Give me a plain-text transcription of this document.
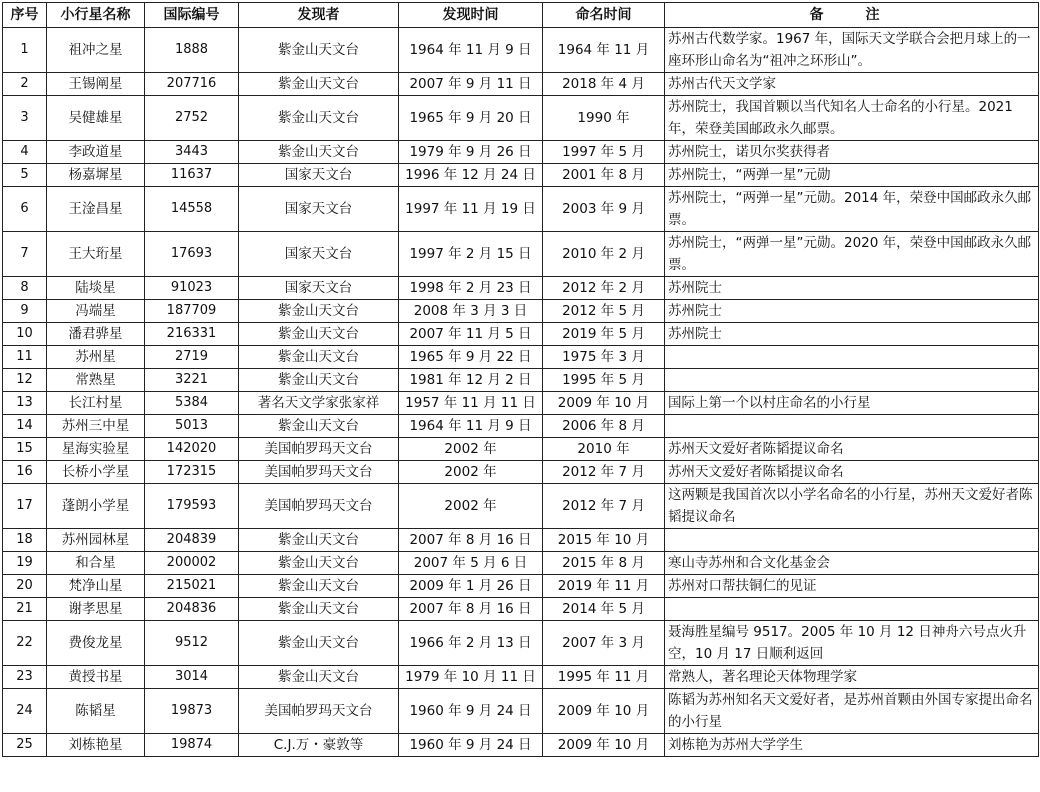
序号	小行星名称	国际编号	发现者	发现时间	命名时间	备　注
1	祖冲之星	1888	紫金山天文台	1964 年 11 月 9 日	1964 年 11 月	苏州古代数学家。1967 年，国际天文学联合会把月球上的一座环形山命名为“祖冲之环形山”。
2	王锡阐星	207716	紫金山天文台	2007 年 9 月 11 日	2018 年 4 月	苏州古代天文学家
3	吴健雄星	2752	紫金山天文台	1965 年 9 月 20 日	1990 年	苏州院士，我国首颗以当代知名人士命名的小行星。2021 年，荣登美国邮政永久邮票。
4	李政道星	3443	紫金山天文台	1979 年 9 月 26 日	1997 年 5 月	苏州院士，诺贝尔奖获得者
5	杨嘉墀星	11637	国家天文台	1996 年 12 月 24 日	2001 年 8 月	苏州院士，“两弹一星”元勋
6	王淦昌星	14558	国家天文台	1997 年 11 月 19 日	2003 年 9 月	苏州院士，“两弹一星”元勋。2014 年，荣登中国邮政永久邮票。
7	王大珩星	17693	国家天文台	1997 年 2 月 15 日	2010 年 2 月	苏州院士，“两弹一星”元勋。2020 年，荣登中国邮政永久邮票。
8	陆埮星	91023	国家天文台	1998 年 2 月 23 日	2012 年 2 月	苏州院士
9	冯端星	187709	紫金山天文台	2008 年 3 月 3 日	2012 年 5 月	苏州院士
10	潘君骅星	216331	紫金山天文台	2007 年 11 月 5 日	2019 年 5 月	苏州院士
11	苏州星	2719	紫金山天文台	1965 年 9 月 22 日	1975 年 3 月	
12	常熟星	3221	紫金山天文台	1981 年 12 月 2 日	1995 年 5 月	
13	长江村星	5384	著名天文学家张家祥	1957 年 11 月 11 日	2009 年 10 月	国际上第一个以村庄命名的小行星
14	苏州三中星	5013	紫金山天文台	1964 年 11 月 9 日	2006 年 8 月	
15	星海实验星	142020	美国帕罗玛天文台	2002 年	2010 年	苏州天文爱好者陈韬提议命名
16	长桥小学星	172315	美国帕罗玛天文台	2002 年	2012 年 7 月	苏州天文爱好者陈韬提议命名
17	蓬朗小学星	179593	美国帕罗玛天文台	2002 年	2012 年 7 月	这两颗是我国首次以小学名命名的小行星，苏州天文爱好者陈韬提议命名
18	苏州园林星	204839	紫金山天文台	2007 年 8 月 16 日	2015 年 10 月	
19	和合星	200002	紫金山天文台	2007 年 5 月 6 日	2015 年 8 月	寒山寺苏州和合文化基金会
20	梵净山星	215021	紫金山天文台	2009 年 1 月 26 日	2019 年 11 月	苏州对口帮扶铜仁的见证
21	谢孝思星	204836	紫金山天文台	2007 年 8 月 16 日	2014 年 5 月	
22	费俊龙星	9512	紫金山天文台	1966 年 2 月 13 日	2007 年 3 月	聂海胜星编号 9517。2005 年 10 月 12 日神舟六号点火升空，10 月 17 日顺利返回
23	黄授书星	3014	紫金山天文台	1979 年 10 月 11 日	1995 年 11 月	常熟人，著名理论天体物理学家
24	陈韬星	19873	美国帕罗玛天文台	1960 年 9 月 24 日	2009 年 10 月	陈韬为苏州知名天文爱好者，是苏州首颗由外国专家提出命名的小行星
25	刘栋艳星	19874	C.J.万・豪敦等	1960 年 9 月 24 日	2009 年 10 月	刘栋艳为苏州大学学生
